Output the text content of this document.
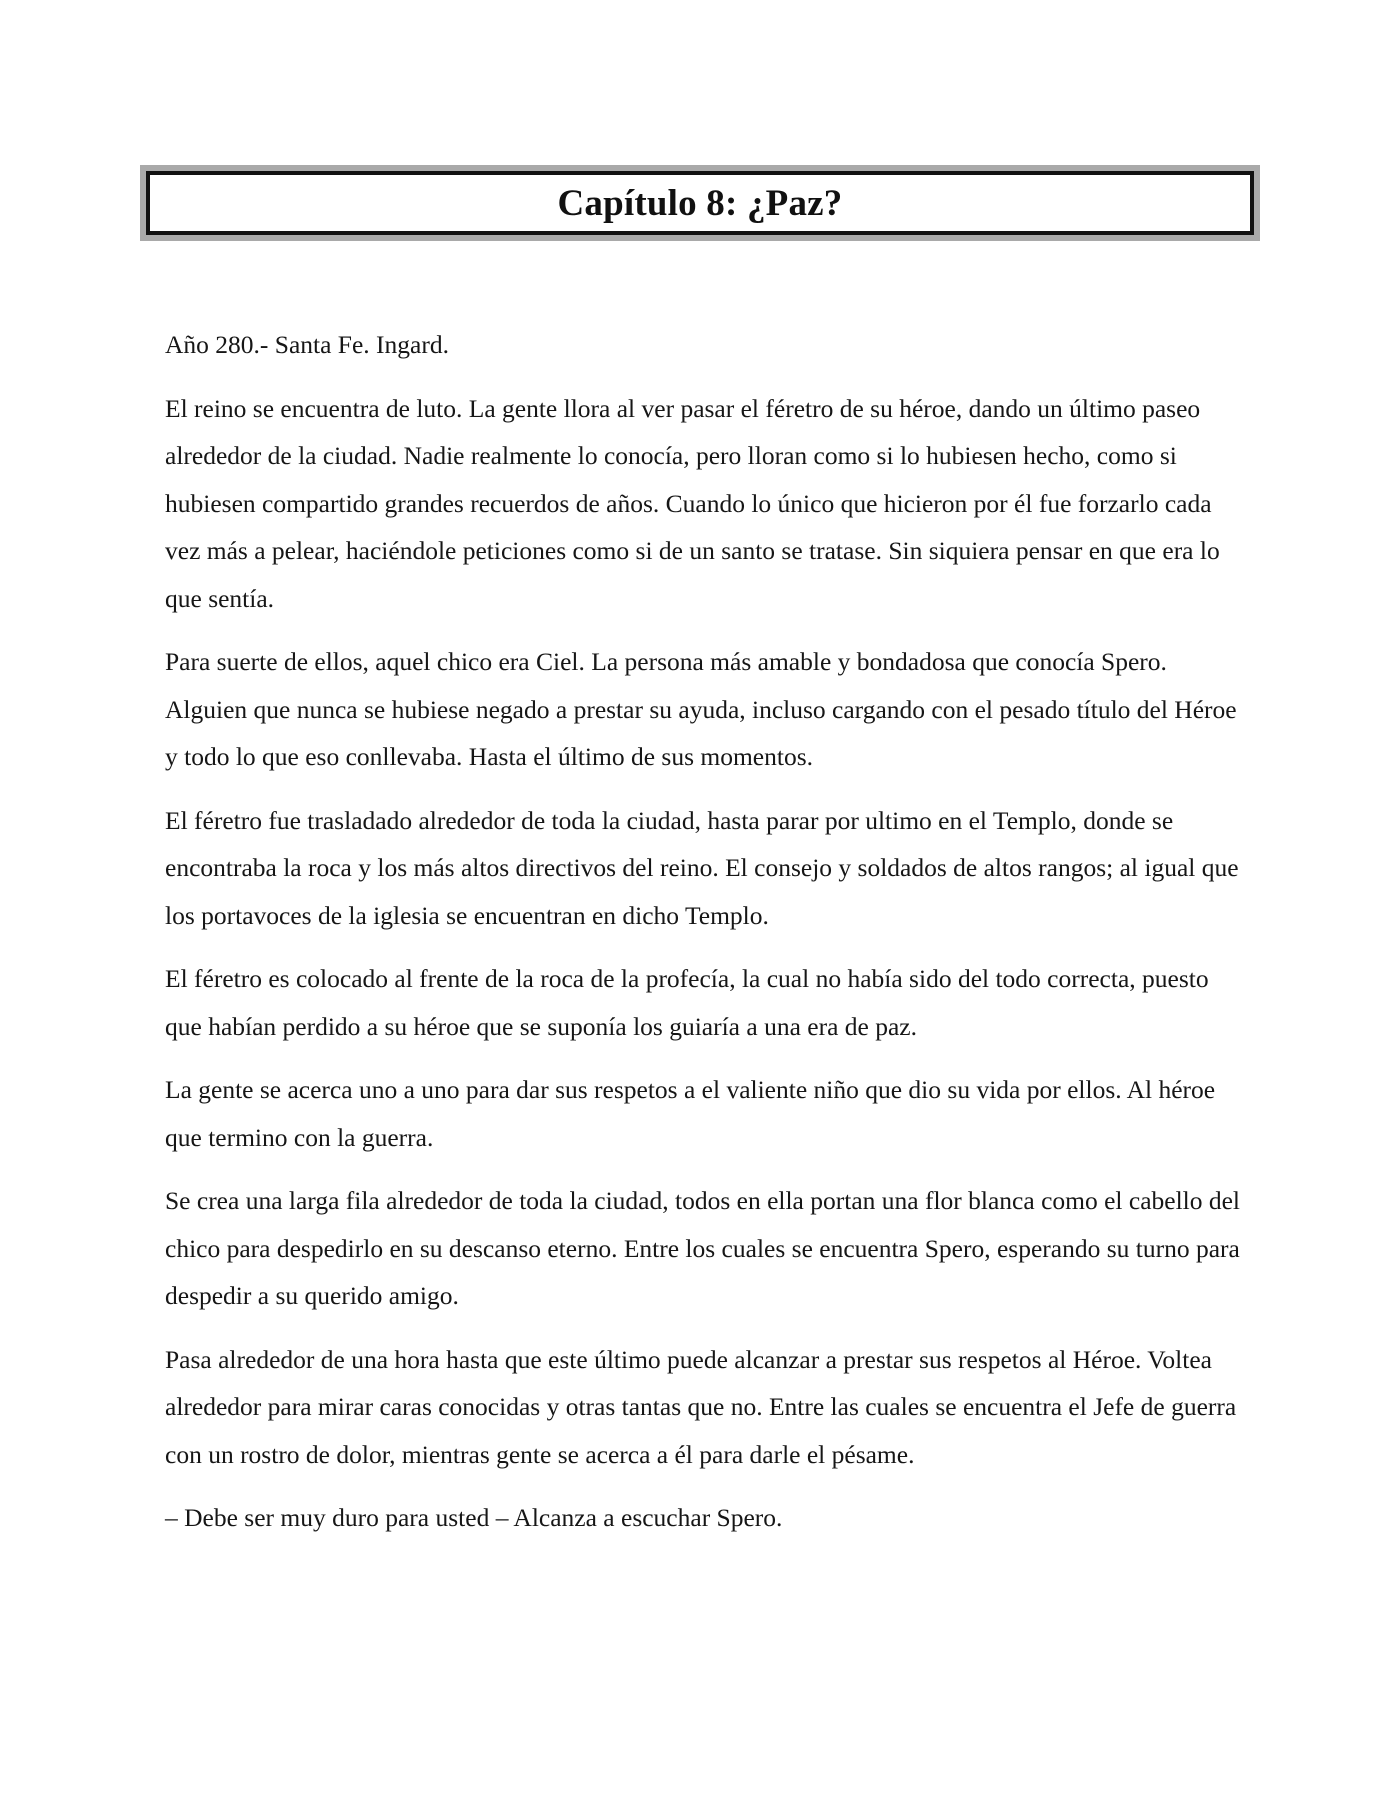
Capítulo 8: ¿Paz?

Año 280.- Santa Fe. Ingard.

El reino se encuentra de luto. La gente llora al ver pasar el féretro de su héroe, dando un último paseo alrededor de la ciudad. Nadie realmente lo conocía, pero lloran como si lo hubiesen hecho, como si hubiesen compartido grandes recuerdos de años. Cuando lo único que hicieron por él fue forzarlo cada vez más a pelear, haciéndole peticiones como si de un santo se tratase. Sin siquiera pensar en que era lo que sentía.

Para suerte de ellos, aquel chico era Ciel. La persona más amable y bondadosa que conocía Spero. Alguien que nunca se hubiese negado a prestar su ayuda, incluso cargando con el pesado título del Héroe y todo lo que eso conllevaba. Hasta el último de sus momentos.

El féretro fue trasladado alrededor de toda la ciudad, hasta parar por ultimo en el Templo, donde se encontraba la roca y los más altos directivos del reino. El consejo y soldados de altos rangos; al igual que los portavoces de la iglesia se encuentran en dicho Templo.

El féretro es colocado al frente de la roca de la profecía, la cual no había sido del todo correcta, puesto que habían perdido a su héroe que se suponía los guiaría a una era de paz.

La gente se acerca uno a uno para dar sus respetos a el valiente niño que dio su vida por ellos. Al héroe que termino con la guerra.

Se crea una larga fila alrededor de toda la ciudad, todos en ella portan una flor blanca como el cabello del chico para despedirlo en su descanso eterno. Entre los cuales se encuentra Spero, esperando su turno para despedir a su querido amigo.

Pasa alrededor de una hora hasta que este último puede alcanzar a prestar sus respetos al Héroe. Voltea alrededor para mirar caras conocidas y otras tantas que no. Entre las cuales se encuentra el Jefe de guerra con un rostro de dolor, mientras gente se acerca a él para darle el pésame.

– Debe ser muy duro para usted – Alcanza a escuchar Spero.
